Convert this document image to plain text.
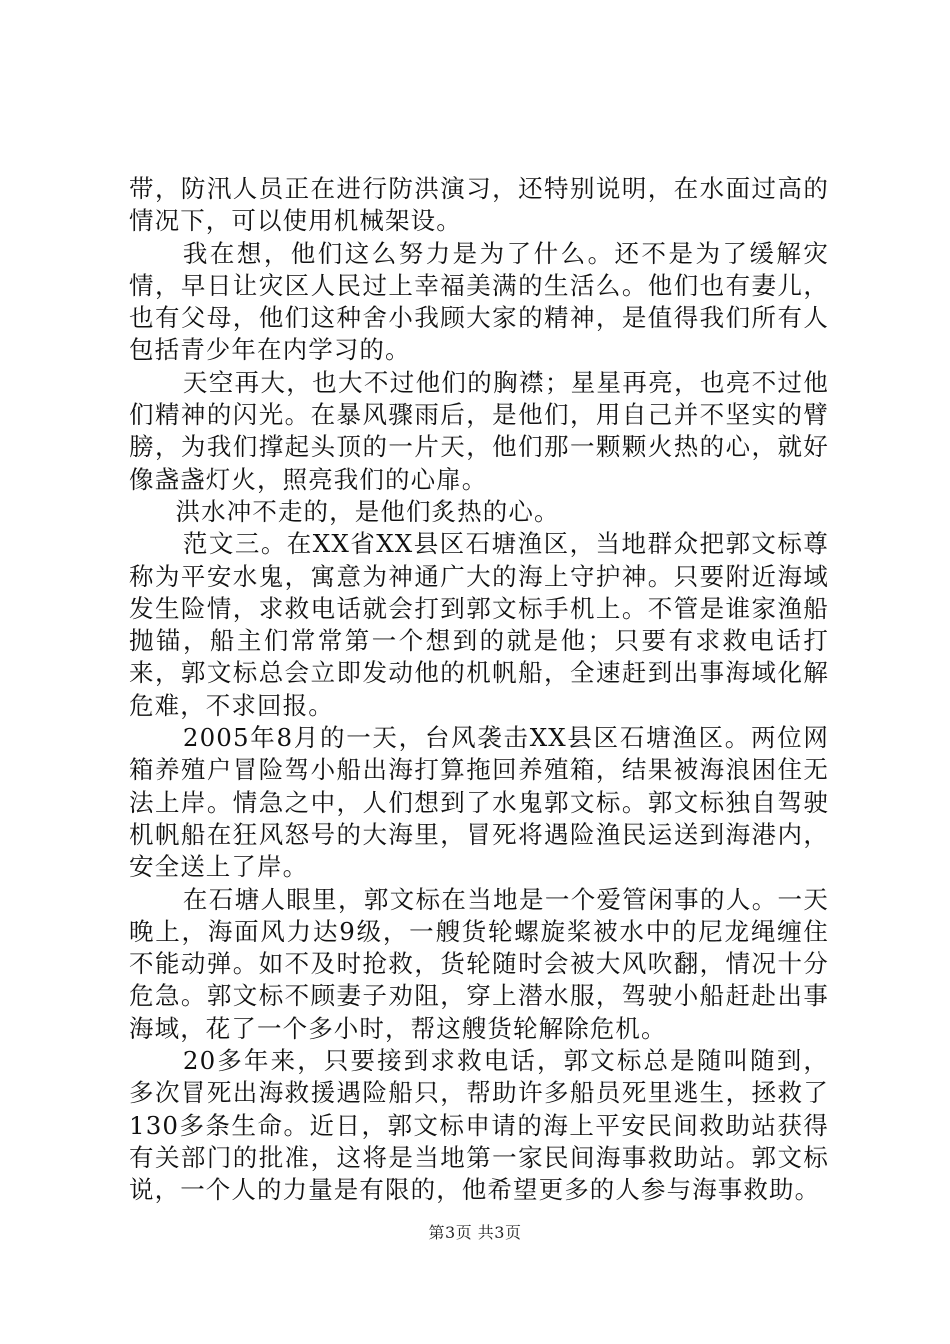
带，防汛人员正在进行防洪演习，还特别说明，在水面过高的情况下，可以使用机械架设。

我在想，他们这么努力是为了什么。还不是为了缓解灾情，早日让灾区人民过上幸福美满的生活么。他们也有妻儿，也有父母，他们这种舍小我顾大家的精神，是值得我们所有人包括青少年在内学习的。

天空再大，也大不过他们的胸襟；星星再亮，也亮不过他们精神的闪光。在暴风骤雨后，是他们，用自己并不坚实的臂膀，为我们撑起头顶的一片天，他们那一颗颗火热的心，就好像盏盏灯火，照亮我们的心扉。

洪水冲不走的，是他们炙热的心。

范文三。在XX省XX县区石塘渔区，当地群众把郭文标尊称为平安水鬼，寓意为神通广大的海上守护神。只要附近海域发生险情，求救电话就会打到郭文标手机上。不管是谁家渔船抛锚，船主们常常第一个想到的就是他；只要有求救电话打来，郭文标总会立即发动他的机帆船，全速赶到出事海域化解危难，不求回报。

2005年8月的一天，台风袭击XX县区石塘渔区。两位网箱养殖户冒险驾小船出海打算拖回养殖箱，结果被海浪困住无法上岸。情急之中，人们想到了水鬼郭文标。郭文标独自驾驶机帆船在狂风怒号的大海里，冒死将遇险渔民运送到海港内，安全送上了岸。

在石塘人眼里，郭文标在当地是一个爱管闲事的人。一天晚上，海面风力达9级，一艘货轮螺旋桨被水中的尼龙绳缠住不能动弹。如不及时抢救，货轮随时会被大风吹翻，情况十分危急。郭文标不顾妻子劝阻，穿上潜水服，驾驶小船赶赴出事海域，花了一个多小时，帮这艘货轮解除危机。

20多年来，只要接到求救电话，郭文标总是随叫随到，多次冒死出海救援遇险船只，帮助许多船员死里逃生，拯救了130多条生命。近日，郭文标申请的海上平安民间救助站获得有关部门的批准，这将是当地第一家民间海事救助站。郭文标说，一个人的力量是有限的，他希望更多的人参与海事救助。

第3页 共3页
